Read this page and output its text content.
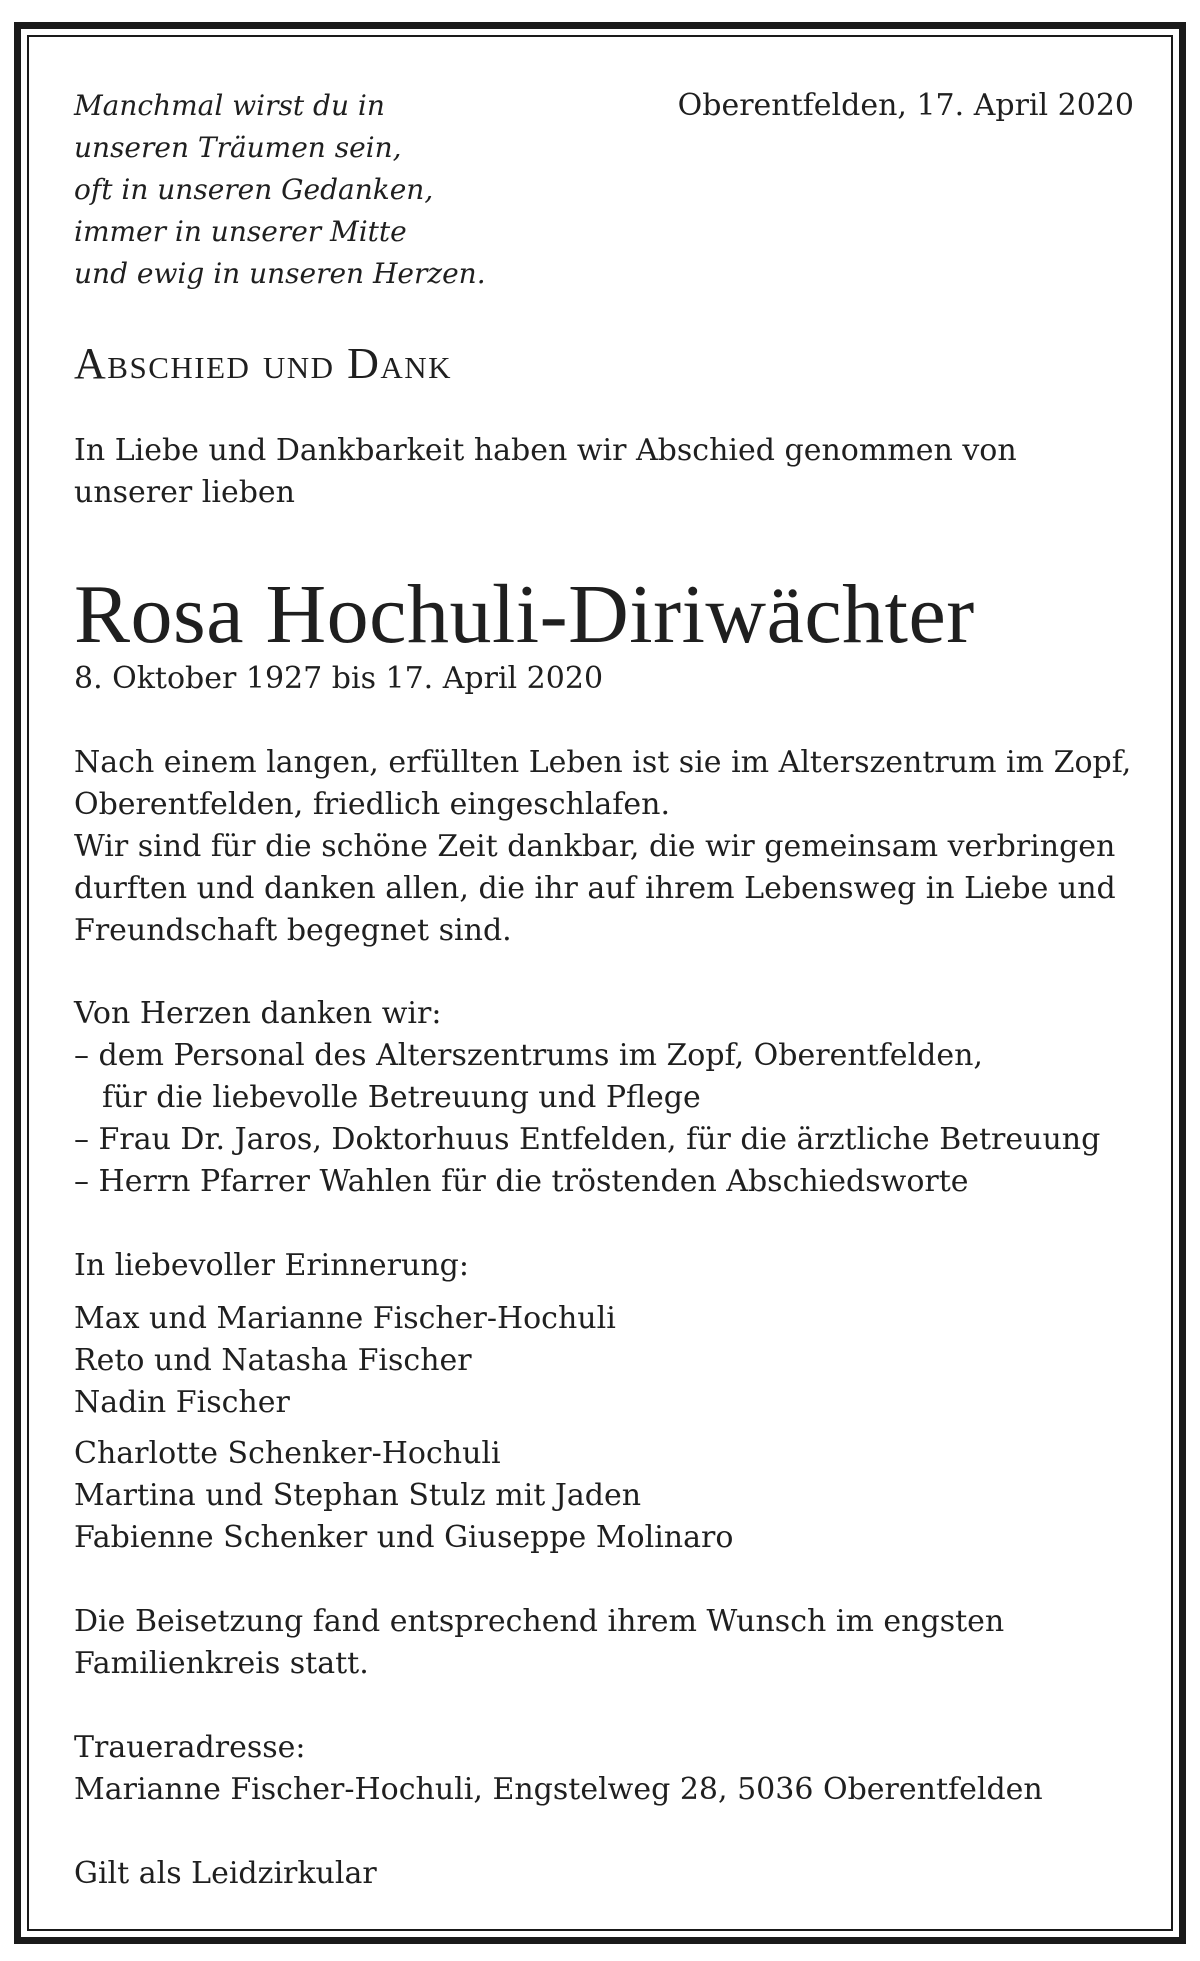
Manchmal wirst du in
unseren Träumen sein,
oft in unseren Gedanken,
immer in unserer Mitte
und ewig in unseren Herzen.
Oberentfelden, 17. April 2020
Abschied und Dank
In Liebe und Dankbarkeit haben wir Abschied genommen von unserer lieben
Rosa Hochuli-Diriwächter
8. Oktober 1927 bis 17. April 2020
Nach einem langen, erfüllten Leben ist sie im Alterszentrum im Zopf,
Oberentfelden, friedlich eingeschlafen.
Wir sind für die schöne Zeit dankbar, die wir gemeinsam verbringen
durften und danken allen, die ihr auf ihrem Lebensweg in Liebe und
Freundschaft begegnet sind.
Von Herzen danken wir:
– dem Personal des Alterszentrums im Zopf, Oberentfelden,
für die liebevolle Betreuung und Pflege
– Frau Dr. Jaros, Doktorhuus Entfelden, für die ärztliche Betreuung
– Herrn Pfarrer Wahlen für die tröstenden Abschiedsworte
In liebevoller Erinnerung:
Max und Marianne Fischer-Hochuli
Reto und Natasha Fischer
Nadin Fischer
Charlotte Schenker-Hochuli
Martina und Stephan Stulz mit Jaden
Fabienne Schenker und Giuseppe Molinaro
Die Beisetzung fand entsprechend ihrem Wunsch im engsten
Familienkreis statt.
Traueradresse:
Marianne Fischer-Hochuli, Engstelweg 28, 5036 Oberentfelden
Gilt als Leidzirkular
